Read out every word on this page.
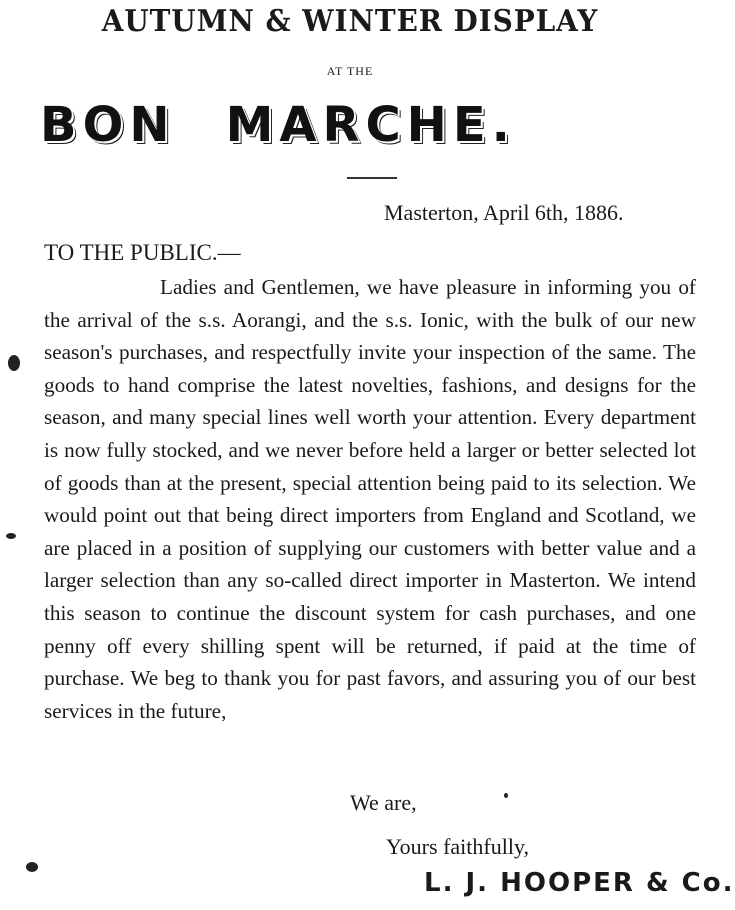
AUTUMN & WINTER DISPLAY
AT THE
BON MARCHE.
Masterton, April 6th, 1886.
TO THE PUBLIC.—
Ladies and Gentlemen, we have pleasure in informing you of the arrival of the s.s. Aorangi, and the s.s. Ionic, with the bulk of our new season's purchases, and respectfully invite your inspection of the same. The goods to hand comprise the latest novelties, fashions, and designs for the season, and many special lines well worth your attention. Every department is now fully stocked, and we never before held a larger or better selected lot of goods than at the present, special attention being paid to its selection. We would point out that being direct importers from England and Scotland, we are placed in a position of supplying our customers with better value and a larger selection than any so-called direct importer in Masterton. We intend this season to continue the discount system for cash purchases, and one penny off every shilling spent will be returned, if paid at the time of purchase. We beg to thank you for past favors, and assuring you of our best services in the future,
We are,
Yours faithfully,
L. J. HOOPER & Co.
